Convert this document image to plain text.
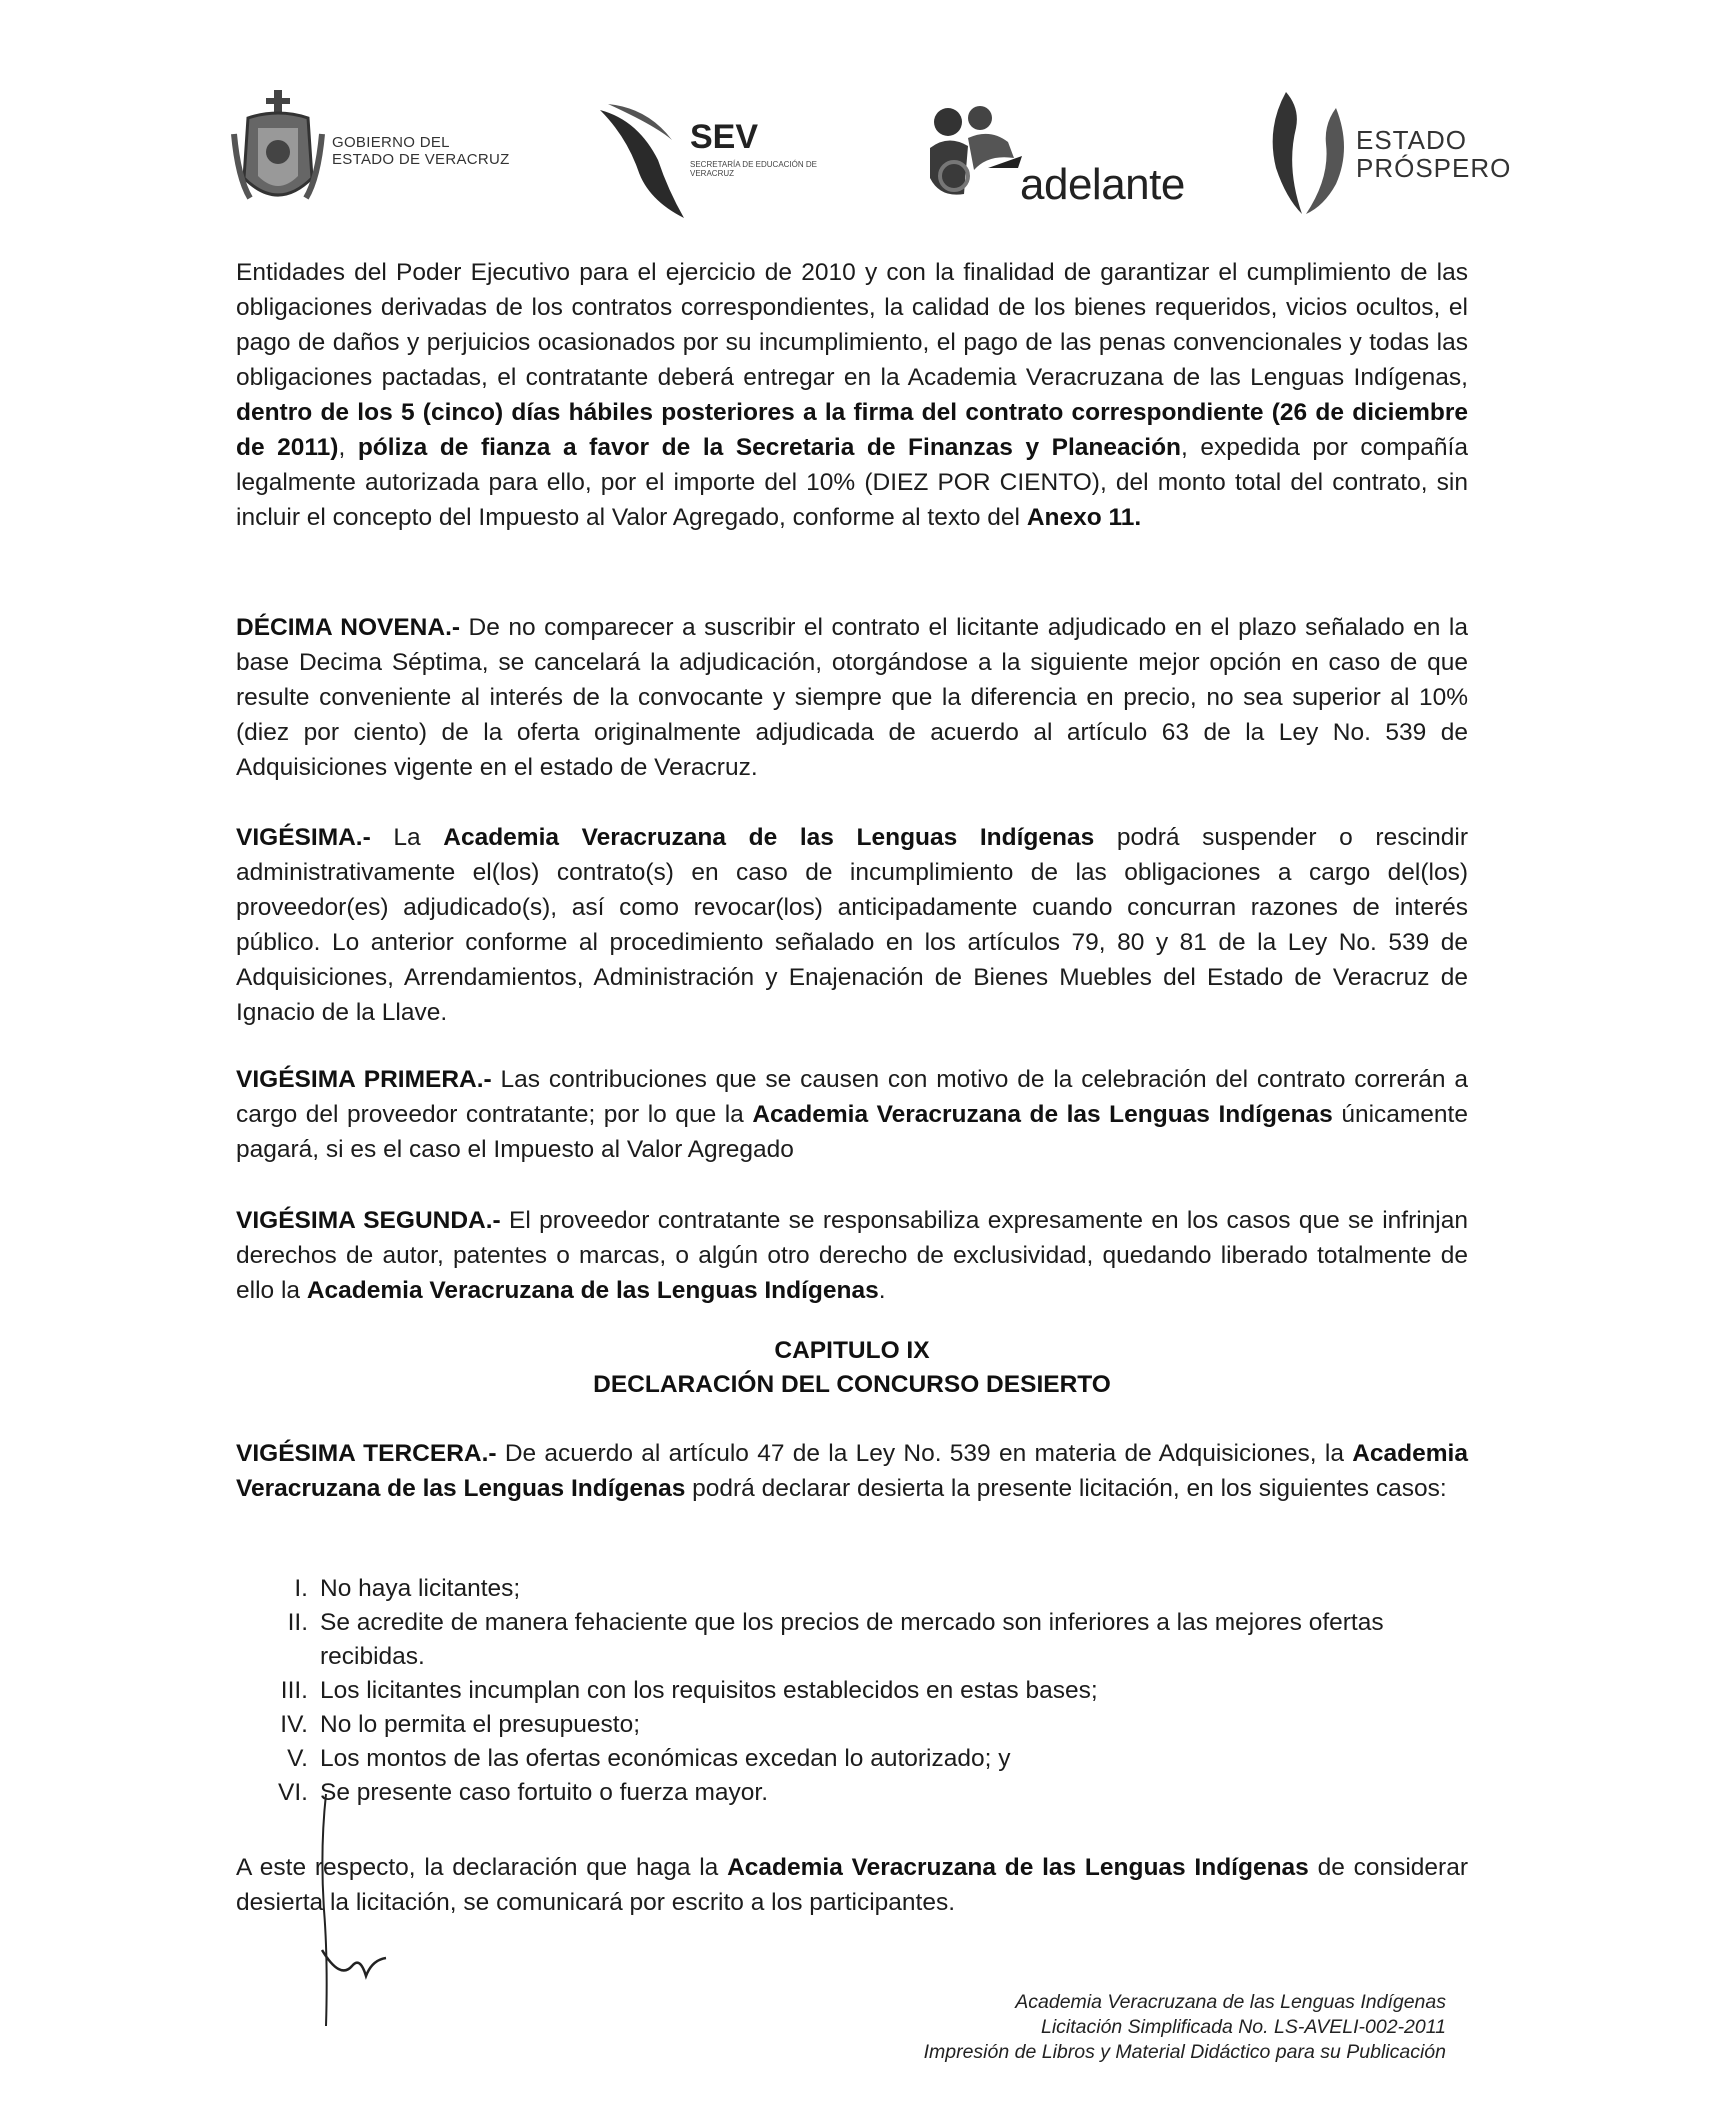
GOBIERNO DEL
ESTADO DE VERACRUZ
SEV
SECRETARÍA DE EDUCACIÓN DE VERACRUZ	adelante
ESTADO
PRÓSPERO

Entidades del Poder Ejecutivo para el ejercicio de 2010 y con la finalidad de garantizar el cumplimiento de las obligaciones derivadas de los contratos correspondientes, la calidad de los bienes requeridos, vicios ocultos, el pago de daños y perjuicios ocasionados por su incumplimiento, el pago de las penas convencionales y todas las obligaciones pactadas, el contratante deberá entregar en la Academia Veracruzana de las Lenguas Indígenas, dentro de los 5 (cinco) días hábiles posteriores a la firma del contrato correspondiente (26 de diciembre de 2011), póliza de fianza a favor de la Secretaria de Finanzas y Planeación, expedida por compañía legalmente autorizada para ello, por el importe del 10% (DIEZ POR CIENTO), del monto total del contrato, sin incluir el concepto del Impuesto al Valor Agregado, conforme al texto del Anexo 11.

DÉCIMA NOVENA.- De no comparecer a suscribir el contrato el licitante adjudicado en el plazo señalado en la base Decima Séptima, se cancelará la adjudicación, otorgándose a la siguiente mejor opción en caso de que resulte conveniente al interés de la convocante y siempre que la diferencia en precio, no sea superior al 10% (diez por ciento) de la oferta originalmente adjudicada de acuerdo al artículo 63 de la Ley No. 539 de Adquisiciones vigente en el estado de Veracruz.

VIGÉSIMA.- La Academia Veracruzana de las Lenguas Indígenas podrá suspender o rescindir administrativamente el(los) contrato(s) en caso de incumplimiento de las obligaciones a cargo del(los) proveedor(es) adjudicado(s), así como revocar(los) anticipadamente cuando concurran razones de interés público. Lo anterior conforme al procedimiento señalado en los artículos 79, 80 y 81 de la Ley No. 539 de Adquisiciones, Arrendamientos, Administración y Enajenación de Bienes Muebles del Estado de Veracruz de Ignacio de la Llave.

VIGÉSIMA PRIMERA.- Las contribuciones que se causen con motivo de la celebración del contrato correrán a cargo del proveedor contratante; por lo que la Academia Veracruzana de las Lenguas Indígenas únicamente pagará, si es el caso el Impuesto al Valor Agregado

VIGÉSIMA SEGUNDA.- El proveedor contratante se responsabiliza expresamente en los casos que se infrinjan derechos de autor, patentes o marcas, o algún otro derecho de exclusividad, quedando liberado totalmente de ello la Academia Veracruzana de las Lenguas Indígenas.

CAPITULO IX
DECLARACIÓN DEL CONCURSO DESIERTO

VIGÉSIMA TERCERA.- De acuerdo al artículo 47 de la Ley No. 539 en materia de Adquisiciones, la Academia Veracruzana de las Lenguas Indígenas podrá declarar desierta la presente licitación, en los siguientes casos:

I. No haya licitantes;
II. Se acredite de manera fehaciente que los precios de mercado son inferiores a las mejores ofertas recibidas.
III. Los licitantes incumplan con los requisitos establecidos en estas bases;
IV. No lo permita el presupuesto;
V. Los montos de las ofertas económicas excedan lo autorizado; y
VI. Se presente caso fortuito o fuerza mayor.

A este respecto, la declaración que haga la Academia Veracruzana de las Lenguas Indígenas de considerar desierta la licitación, se comunicará por escrito a los participantes.

Academia Veracruzana de las Lenguas Indígenas
Licitación Simplificada No. LS-AVELI-002-2011
Impresión de Libros y Material Didáctico para su Publicación
